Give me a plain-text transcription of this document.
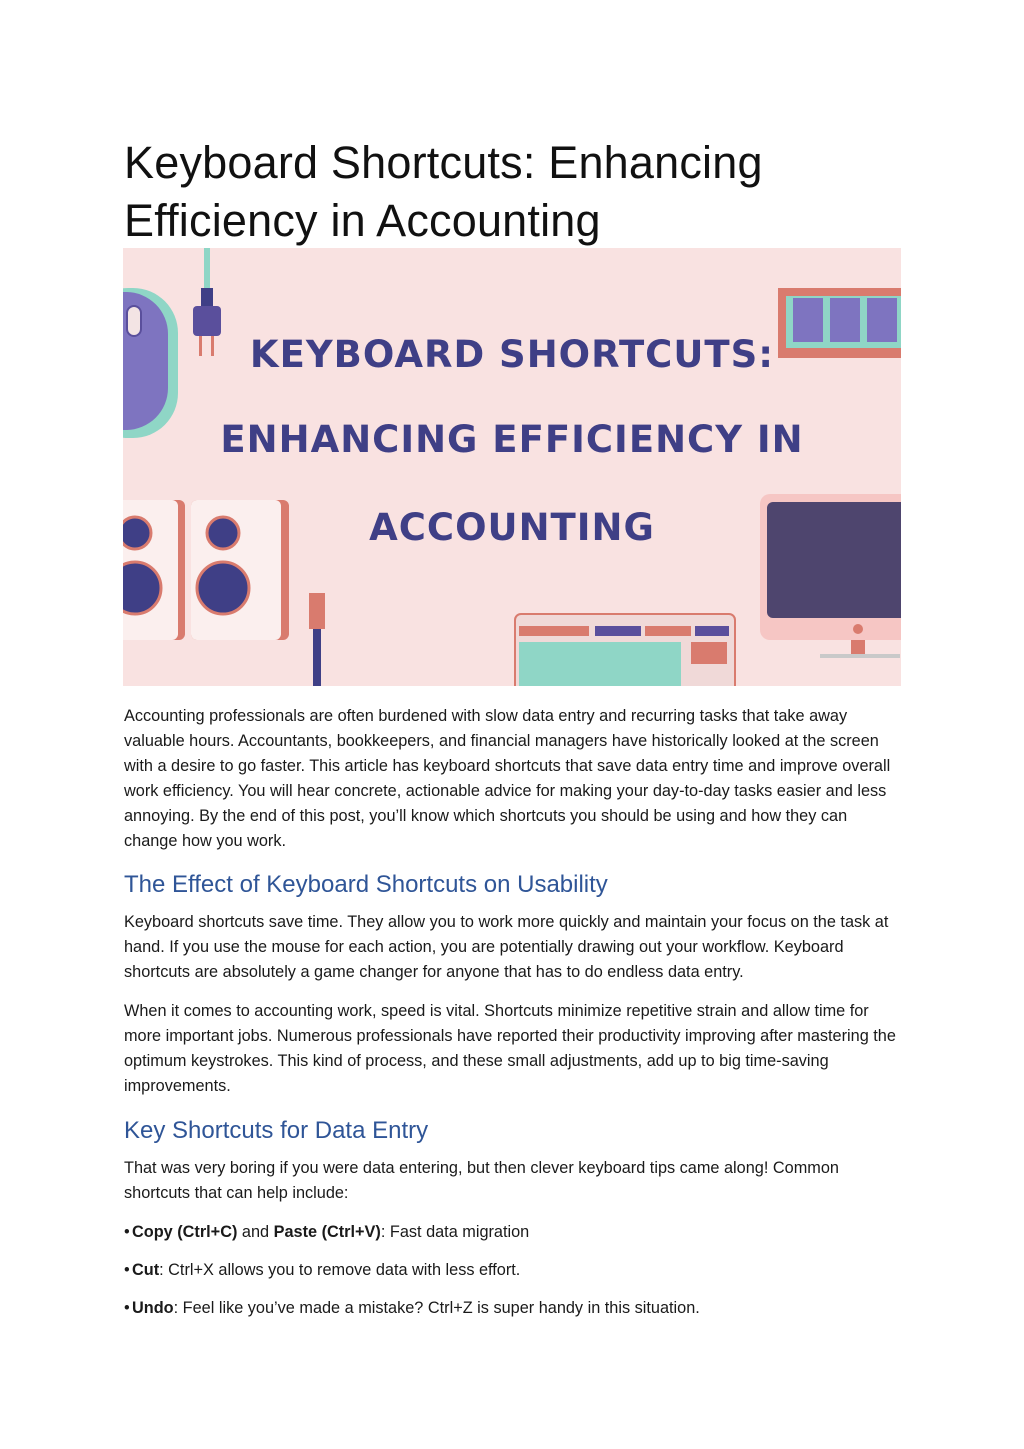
Keyboard Shortcuts: Enhancing Efficiency in Accounting
KEYBOARD SHORTCUTS:
ENHANCING EFFICIENCY IN
ACCOUNTING

Accounting professionals are often burdened with slow data entry and recurring tasks that take away valuable hours. Accountants, bookkeepers, and financial managers have historically looked at the screen with a desire to go faster. This article has keyboard shortcuts that save data entry time and improve overall work efficiency. You will hear concrete, actionable advice for making your day-to-day tasks easier and less annoying. By the end of this post, you’ll know which shortcuts you should be using and how they can change how you work.

The Effect of Keyboard Shortcuts on Usability

Keyboard shortcuts save time. They allow you to work more quickly and maintain your focus on the task at hand. If you use the mouse for each action, you are potentially drawing out your workflow. Keyboard shortcuts are absolutely a game changer for anyone that has to do endless data entry.

When it comes to accounting work, speed is vital. Shortcuts minimize repetitive strain and allow time for more important jobs. Numerous professionals have reported their productivity improving after mastering the optimum keystrokes. This kind of process, and these small adjustments, add up to big time-saving improvements.

Key Shortcuts for Data Entry

That was very boring if you were data entering, but then clever keyboard tips came along! Common shortcuts that can help include:

• Copy (Ctrl+C) and Paste (Ctrl+V): Fast data migration
• Cut: Ctrl+X allows you to remove data with less effort.
• Undo: Feel like you’ve made a mistake? Ctrl+Z is super handy in this situation.
